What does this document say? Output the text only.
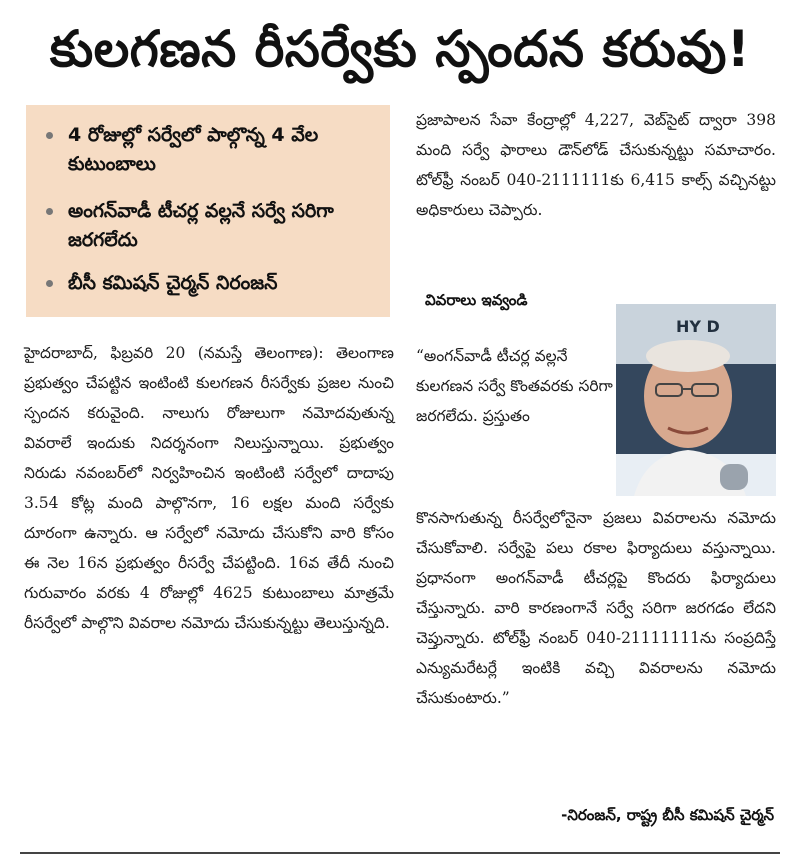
కులగణన రీసర్వేకు స్పందన కరువు!
4 రోజుల్లో సర్వేలో పాల్గొన్న 4 వేల కుటుంబాలు
అంగన్‌వాడీ టీచర్ల వల్లనే సర్వే సరిగా జరగలేదు
బీసీ కమిషన్ చైర్మన్ నిరంజన్

హైదరాబాద్, ఫిబ్రవరి 20 (నమస్తే తెలంగాణ): తెలంగాణ ప్రభుత్వం చేపట్టిన ఇంటింటి కులగణన రీసర్వేకు ప్రజల నుంచి స్పందన కరువైంది. నాలుగు రోజులుగా నమోదవుతున్న వివరాలే ఇందుకు నిదర్శనంగా నిలుస్తున్నాయి. ప్రభుత్వం నిరుడు నవంబర్‌లో నిర్వహించిన ఇంటింటి సర్వేలో దాదాపు 3.54 కోట్ల మంది పాల్గొనగా, 16 లక్షల మంది సర్వేకు దూరంగా ఉన్నారు. ఆ సర్వేలో నమోదు చేసుకోని వారి కోసం ఈ నెల 16న ప్రభుత్వం రీసర్వే చేపట్టింది. 16వ తేదీ నుంచి గురువారం వరకు 4 రోజుల్లో 4625 కుటుంబాలు మాత్రమే రీసర్వేలో పాల్గొని వివరాల నమోదు చేసుకున్నట్టు తెలుస్తున్నది.

ప్రజాపాలన సేవా కేంద్రాల్లో 4,227, వెబ్‌సైట్ ద్వారా 398 మంది సర్వే ఫారాలు డౌన్‌లోడ్ చేసుకున్నట్టు సమాచారం. టోల్‌ఫ్రీ నంబర్ 040-2111111కు 6,415 కాల్స్ వచ్చినట్టు అధికారులు చెప్పారు.

వివరాలు ఇవ్వండి
HY D

“అంగన్‌వాడీ టీచర్ల వల్లనే కులగణన సర్వే కొంతవరకు సరిగా జరగలేదు. ప్రస్తుతం

కొనసాగుతున్న రీసర్వేలోనైనా ప్రజలు వివరాలను నమోదు చేసుకోవాలి. సర్వేపై పలు రకాల ఫిర్యాదులు వస్తున్నాయి. ప్రధానంగా అంగన్‌వాడీ టీచర్లపై కొందరు ఫిర్యాదులు చేస్తున్నారు. వారి కారణంగానే సర్వే సరిగా జరగడం లేదని చెప్తున్నారు. టోల్‌ఫ్రీ నంబర్ 040-21111111ను సంప్రదిస్తే ఎన్యుమరేటర్లే ఇంటికి వచ్చి వివరాలను నమోదు చేసుకుంటారు.”

-నిరంజన్, రాష్ట్ర బీసీ కమిషన్ చైర్మన్
